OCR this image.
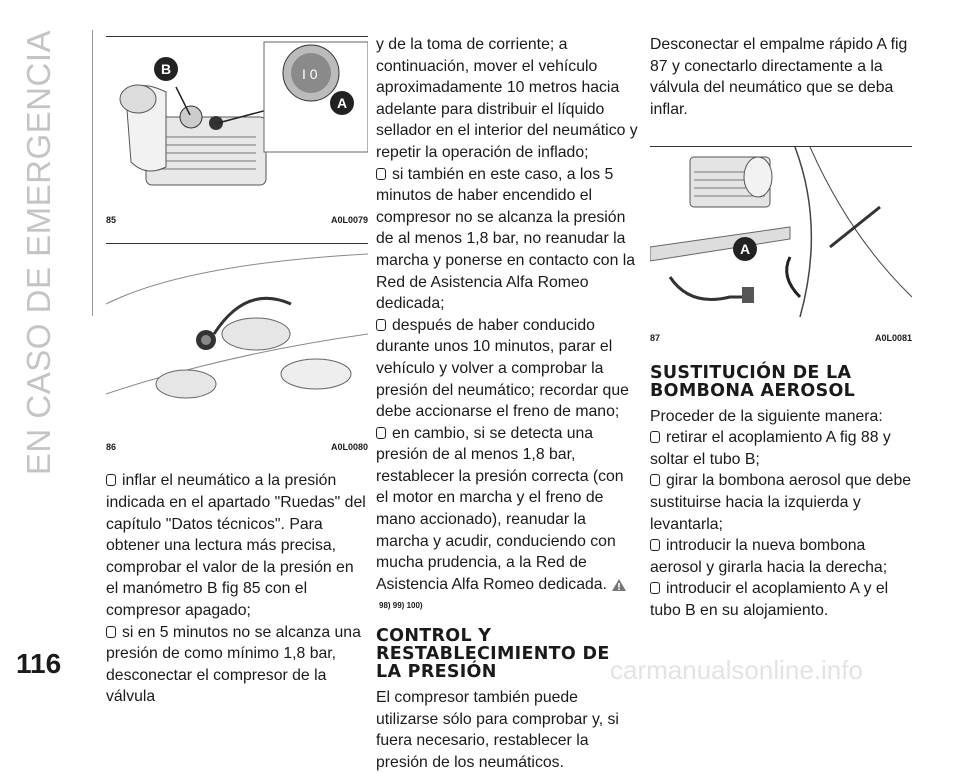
EN CASO DE EMERGENCIA	I 0
B
A
85	A0L0079
86	A0L0080

inflar el neumático a la presión indicada en el apartado "Ruedas" del capítulo "Datos técnicos". Para obtener una lectura más precisa, comprobar el valor de la presión en el manómetro B fig 85 con el compresor apagado;

si en 5 minutos no se alcanza una presión de como mínimo 1,8 bar, desconectar el compresor de la válvula

y de la toma de corriente; a continuación, mover el vehículo aproximadamente 10 metros hacia adelante para distribuir el líquido sellador en el interior del neumático y repetir la operación de inflado;

si también en este caso, a los 5 minutos de haber encendido el compresor no se alcanza la presión de al menos 1,8 bar, no reanudar la marcha y ponerse en contacto con la Red de Asistencia Alfa Romeo dedicada;

después de haber conducido durante unos 10 minutos, parar el vehículo y volver a comprobar la presión del neumático; recordar que debe accionarse el freno de mano;

en cambio, si se detecta una presión de al menos 1,8 bar, restablecer la presión correcta (con el motor en marcha y el freno de mano accionado), reanudar la marcha y acudir, conduciendo con mucha prudencia, a la Red de Asistencia Alfa Romeo dedicada. 98) 99) 100)

CONTROL Y RESTABLECIMIENTO DE LA PRESIÓN

El compresor también puede utilizarse sólo para comprobar y, si fuera necesario, restablecer la presión de los neumáticos.

Desconectar el empalme rápido A fig 87 y conectarlo directamente a la válvula del neumático que se deba inflar.

A
87	A0L0081
SUSTITUCIÓN DE LA BOMBONA AEROSOL

Proceder de la siguiente manera:

retirar el acoplamiento A fig 88 y soltar el tubo B;

girar la bombona aerosol que debe sustituirse hacia la izquierda y levantarla;

introducir la nueva bombona aerosol y girarla hacia la derecha;

introducir el acoplamiento A y el tubo B en su alojamiento.

116	carmanualsonline.info
